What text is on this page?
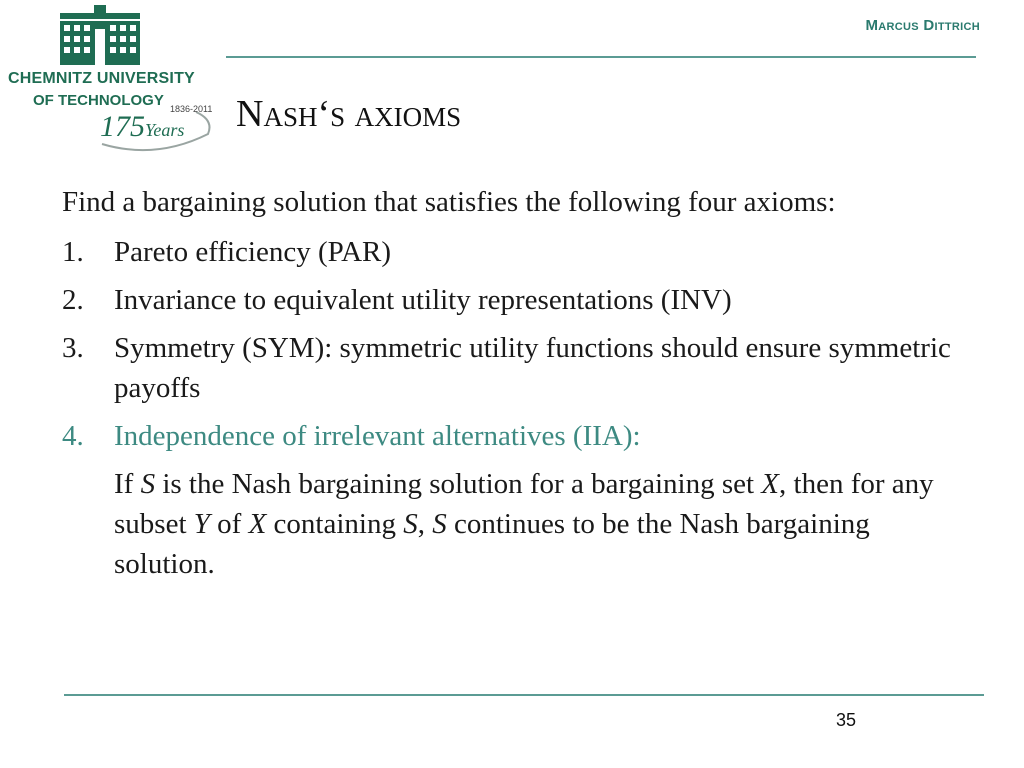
CHEMNITZ UNIVERSITY
OF TECHNOLOGY 1836-2011
175Years
Marcus Dittrich
Nash‘s axioms

Find a bargaining solution that satisfies the following four axioms:

1.	Pareto efficiency (PAR)
2.	Invariance to equivalent utility representations (INV)
3.	Symmetry (SYM): symmetric utility functions should ensure symmetric payoffs
4.	Independence of irrelevant alternatives (IIA):
If S is the Nash bargaining solution for a bargaining set X, then for any subset Y of X containing S, S continues to be the Nash bargaining solution.
35
